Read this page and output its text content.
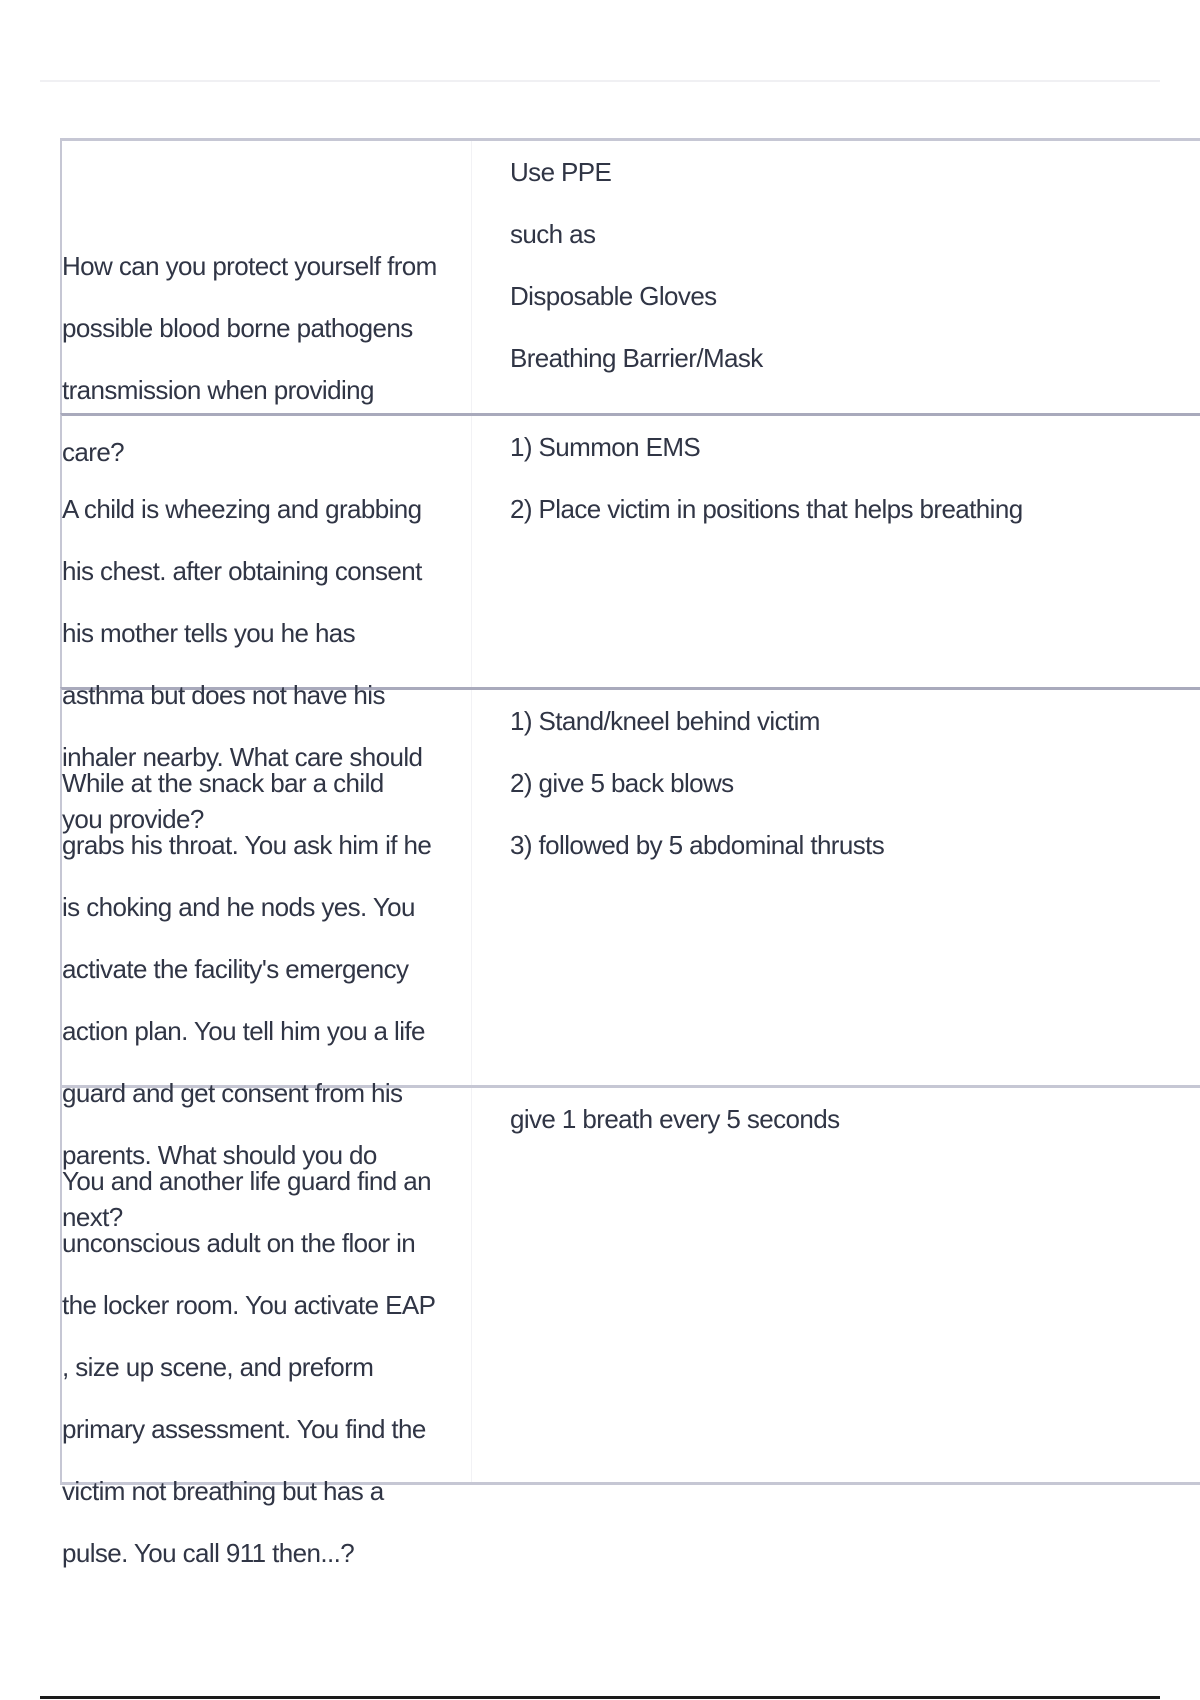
How can you protect yourself from possible blood borne pathogens transmission when providing care?

Use PPE
such as
Disposable Gloves
Breathing Barrier/Mask

A child is wheezing and grabbing his chest. after obtaining consent his mother tells you he has asthma but does not have his inhaler nearby. What care should you provide?

1) Summon EMS
2) Place victim in positions that helps breathing

While at the snack bar a child grabs his throat. You ask him if he is choking and he nods yes. You activate the facility's emergency action plan. You tell him you a life guard and get consent from his parents. What should you do next?

1) Stand/kneel behind victim
2) give 5 back blows
3) followed by 5 abdominal thrusts

You and another life guard find an unconscious adult on the floor in the locker room. You activate EAP , size up scene, and preform primary assessment. You find the victim not breathing but has a pulse. You call 911 then...?

give 1 breath every 5 seconds
